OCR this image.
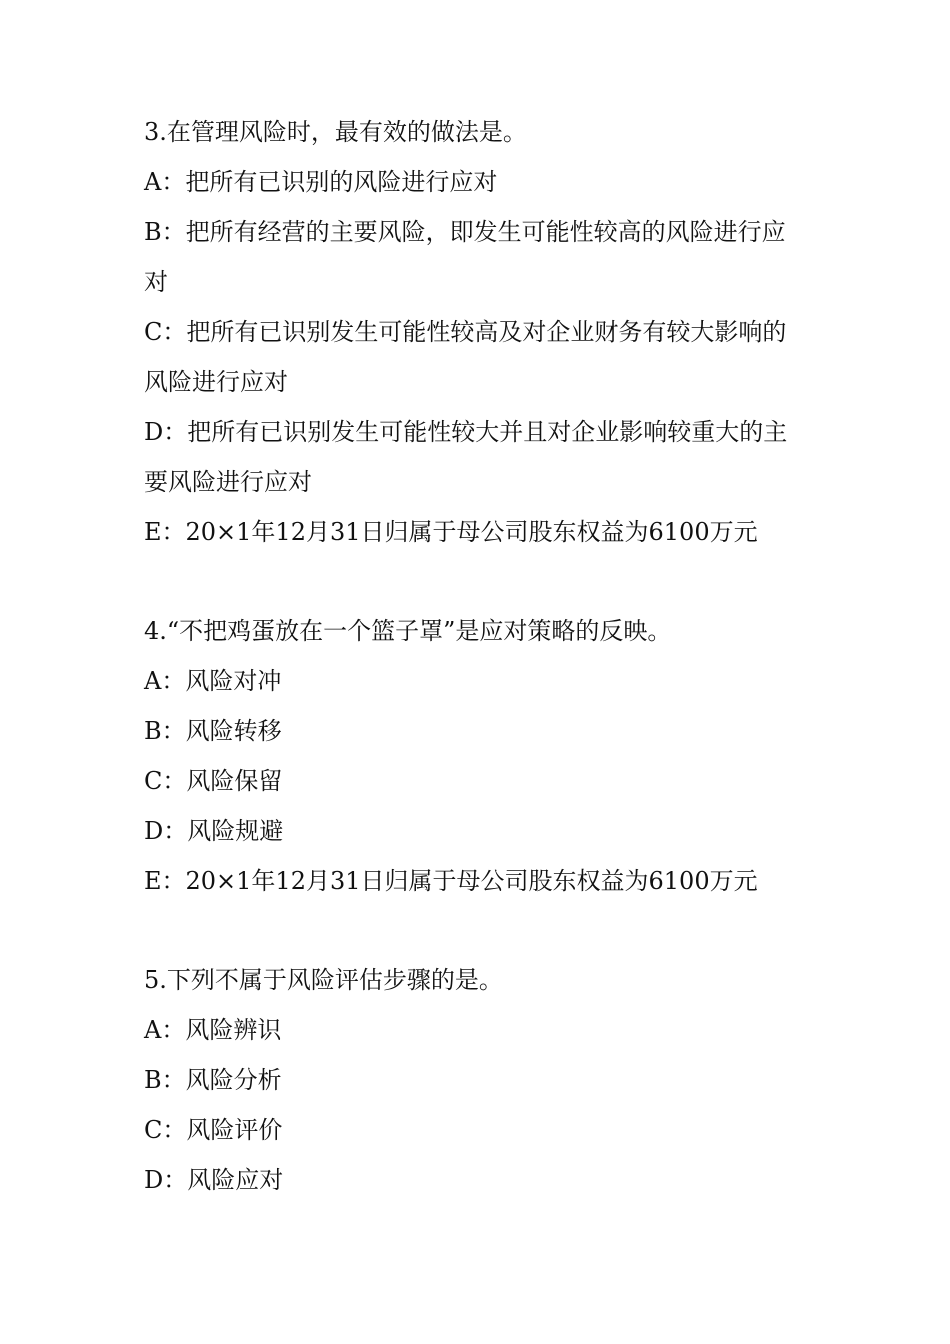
3.在管理风险时，最有效的做法是。
A：把所有已识别的风险进行应对
B：把所有经营的主要风险，即发生可能性较高的风险进行应对
C：把所有已识别发生可能性较高及对企业财务有较大影响的风险进行应对
D：把所有已识别发生可能性较大并且对企业影响较重大的主要风险进行应对
E：20×1年12月31日归属于母公司股东权益为6100万元
4.“不把鸡蛋放在一个篮子罩”是应对策略的反映。
A：风险对冲
B：风险转移
C：风险保留
D：风险规避
E：20×1年12月31日归属于母公司股东权益为6100万元
5.下列不属于风险评估步骤的是。
A：风险辨识
B：风险分析
C：风险评价
D：风险应对
